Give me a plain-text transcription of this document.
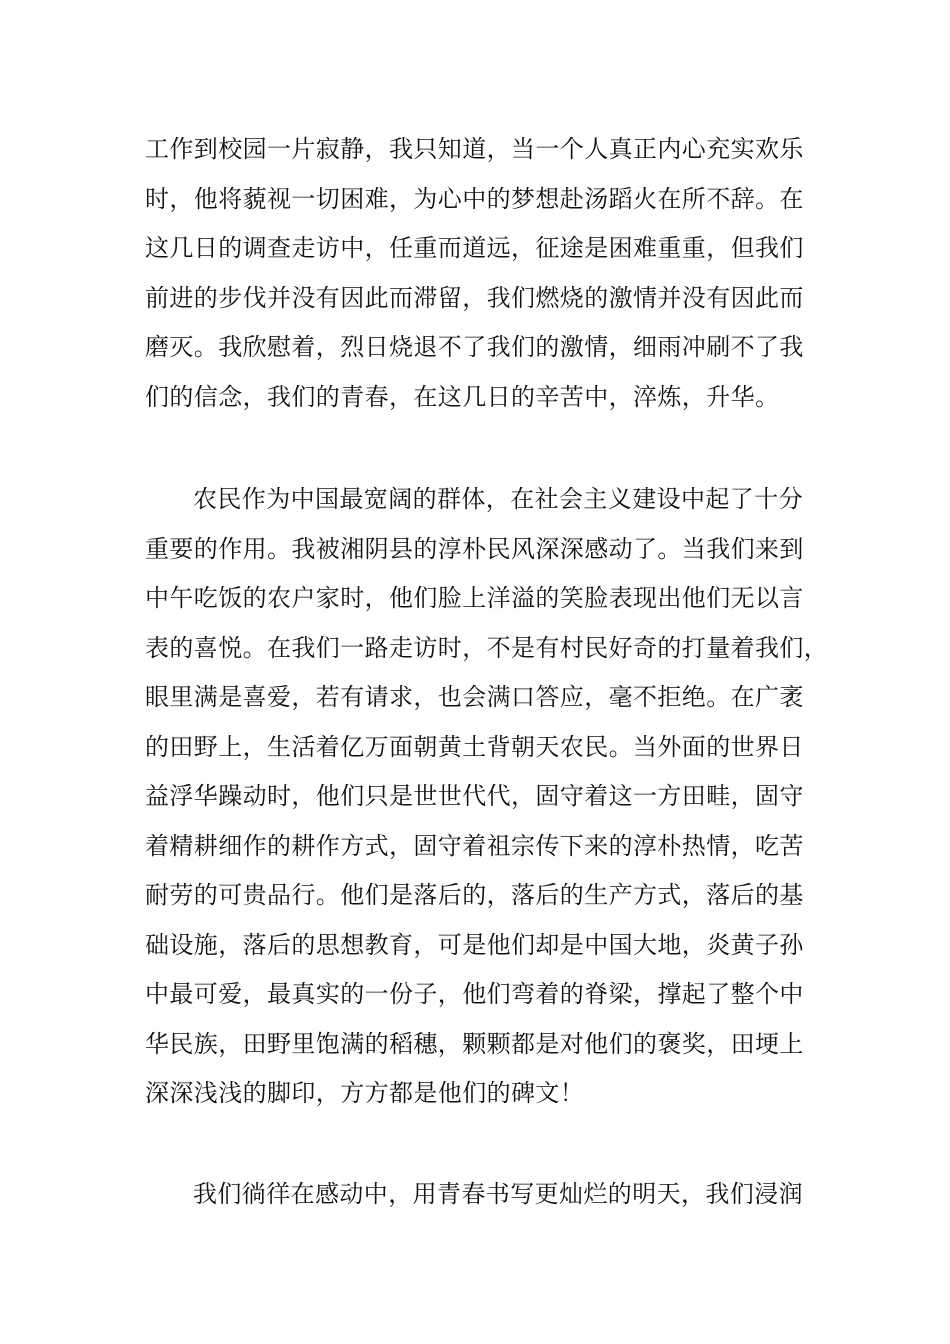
工作到校园一片寂静，我只知道，当一个人真正内心充实欢乐
时，他将藐视一切困难，为心中的梦想赴汤蹈火在所不辞。在
这几日的调查走访中，任重而道远，征途是困难重重，但我们
前进的步伐并没有因此而滞留，我们燃烧的激情并没有因此而
磨灭。我欣慰着，烈日烧退不了我们的激情，细雨冲刷不了我
们的信念，我们的青春，在这几日的辛苦中，淬炼，升华。

农民作为中国最宽阔的群体，在社会主义建设中起了十分
重要的作用。我被湘阴县的淳朴民风深深感动了。当我们来到
中午吃饭的农户家时，他们脸上洋溢的笑脸表现出他们无以言
表的喜悦。在我们一路走访时，不是有村民好奇的打量着我们，
眼里满是喜爱，若有请求，也会满口答应，毫不拒绝。在广袤
的田野上，生活着亿万面朝黄土背朝天农民。当外面的世界日
益浮华躁动时，他们只是世世代代，固守着这一方田畦，固守
着精耕细作的耕作方式，固守着祖宗传下来的淳朴热情，吃苦
耐劳的可贵品行。他们是落后的，落后的生产方式，落后的基
础设施，落后的思想教育，可是他们却是中国大地，炎黄子孙
中最可爱，最真实的一份子，他们弯着的脊梁，撑起了整个中
华民族，田野里饱满的稻穗，颗颗都是对他们的褒奖，田埂上
深深浅浅的脚印，方方都是他们的碑文！

我们徜徉在感动中，用青春书写更灿烂的明天，我们浸润
